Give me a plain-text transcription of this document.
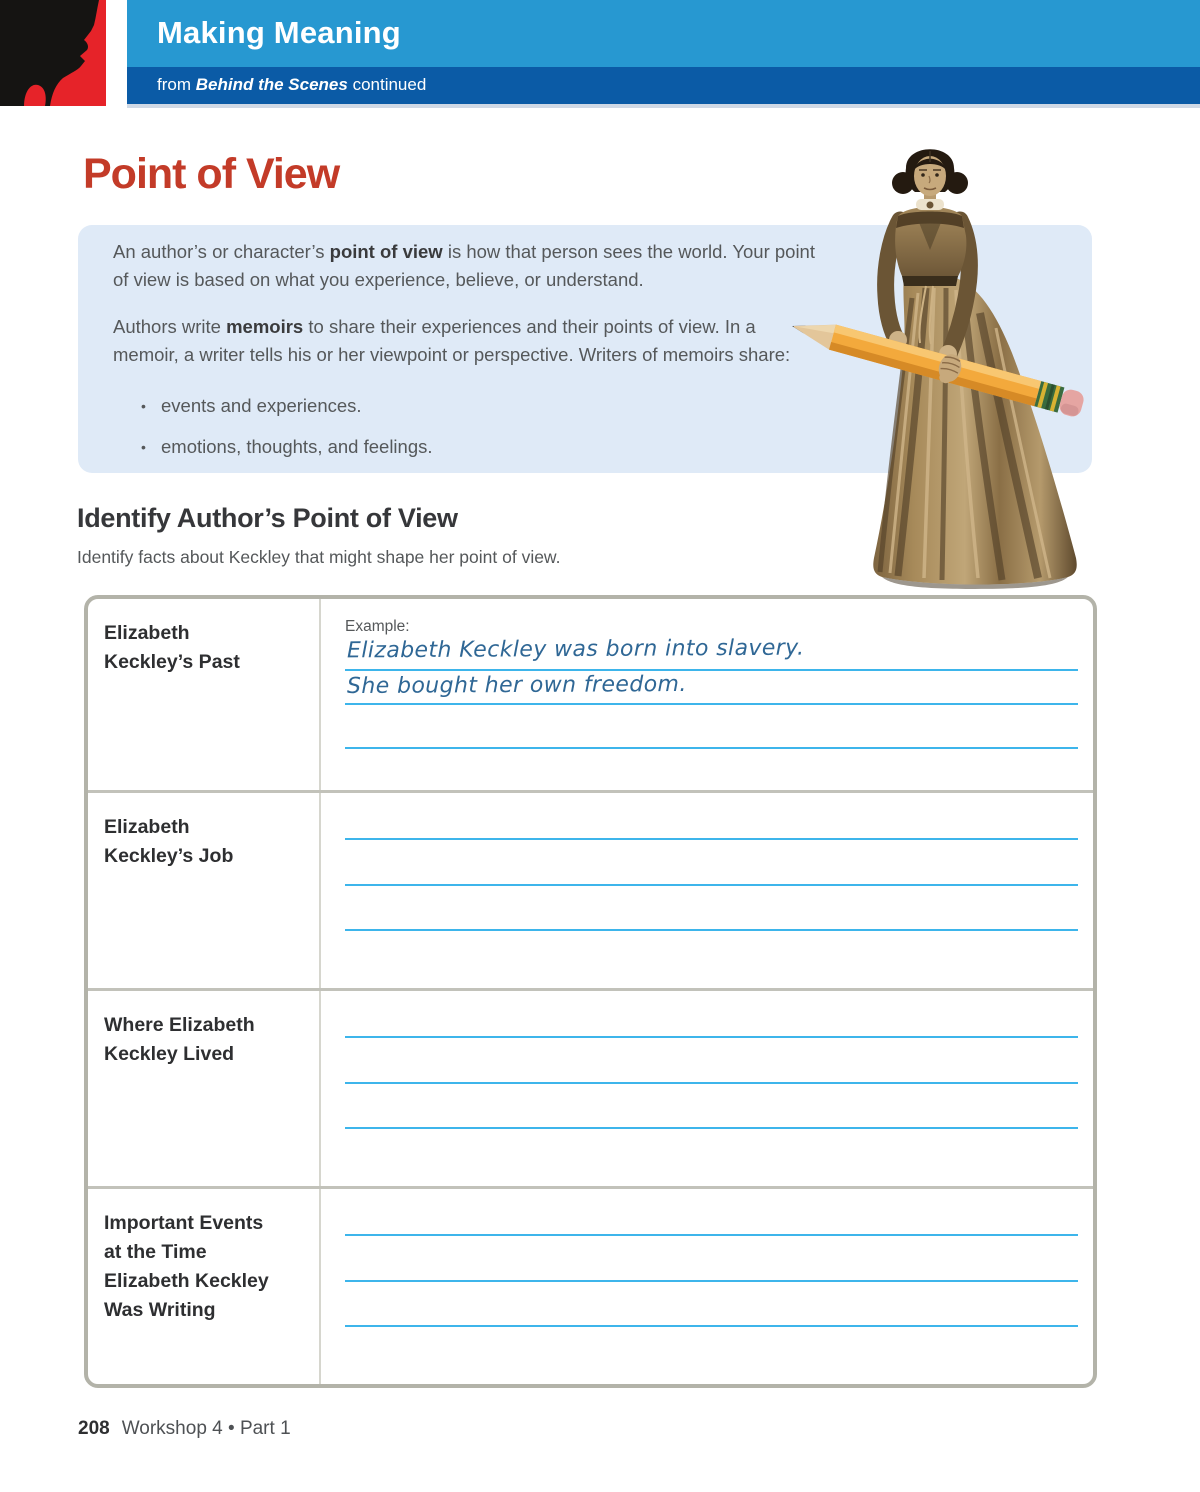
Making Meaning
from Behind the Scenes continued
Point of View

An author’s or character’s point of view is how that person sees the world. Your point of view is based on what you experience, believe, or understand.

Authors write memoirs to share their experiences and their points of view. In a memoir, a writer tells his or her viewpoint or perspective. Writers of memoirs share:

• events and experiences.
• emotions, thoughts, and feelings.
Identify Author’s Point of View
Identify facts about Keckley that might shape her point of view.
Elizabeth
Keckley’s Past
Example:
Elizabeth Keckley was born into slavery.
She bought her own freedom.
Elizabeth
Keckley’s Job
Where Elizabeth
Keckley Lived
Important Events
at the Time
Elizabeth Keckley
Was Writing
208 Workshop 4 • Part 1
